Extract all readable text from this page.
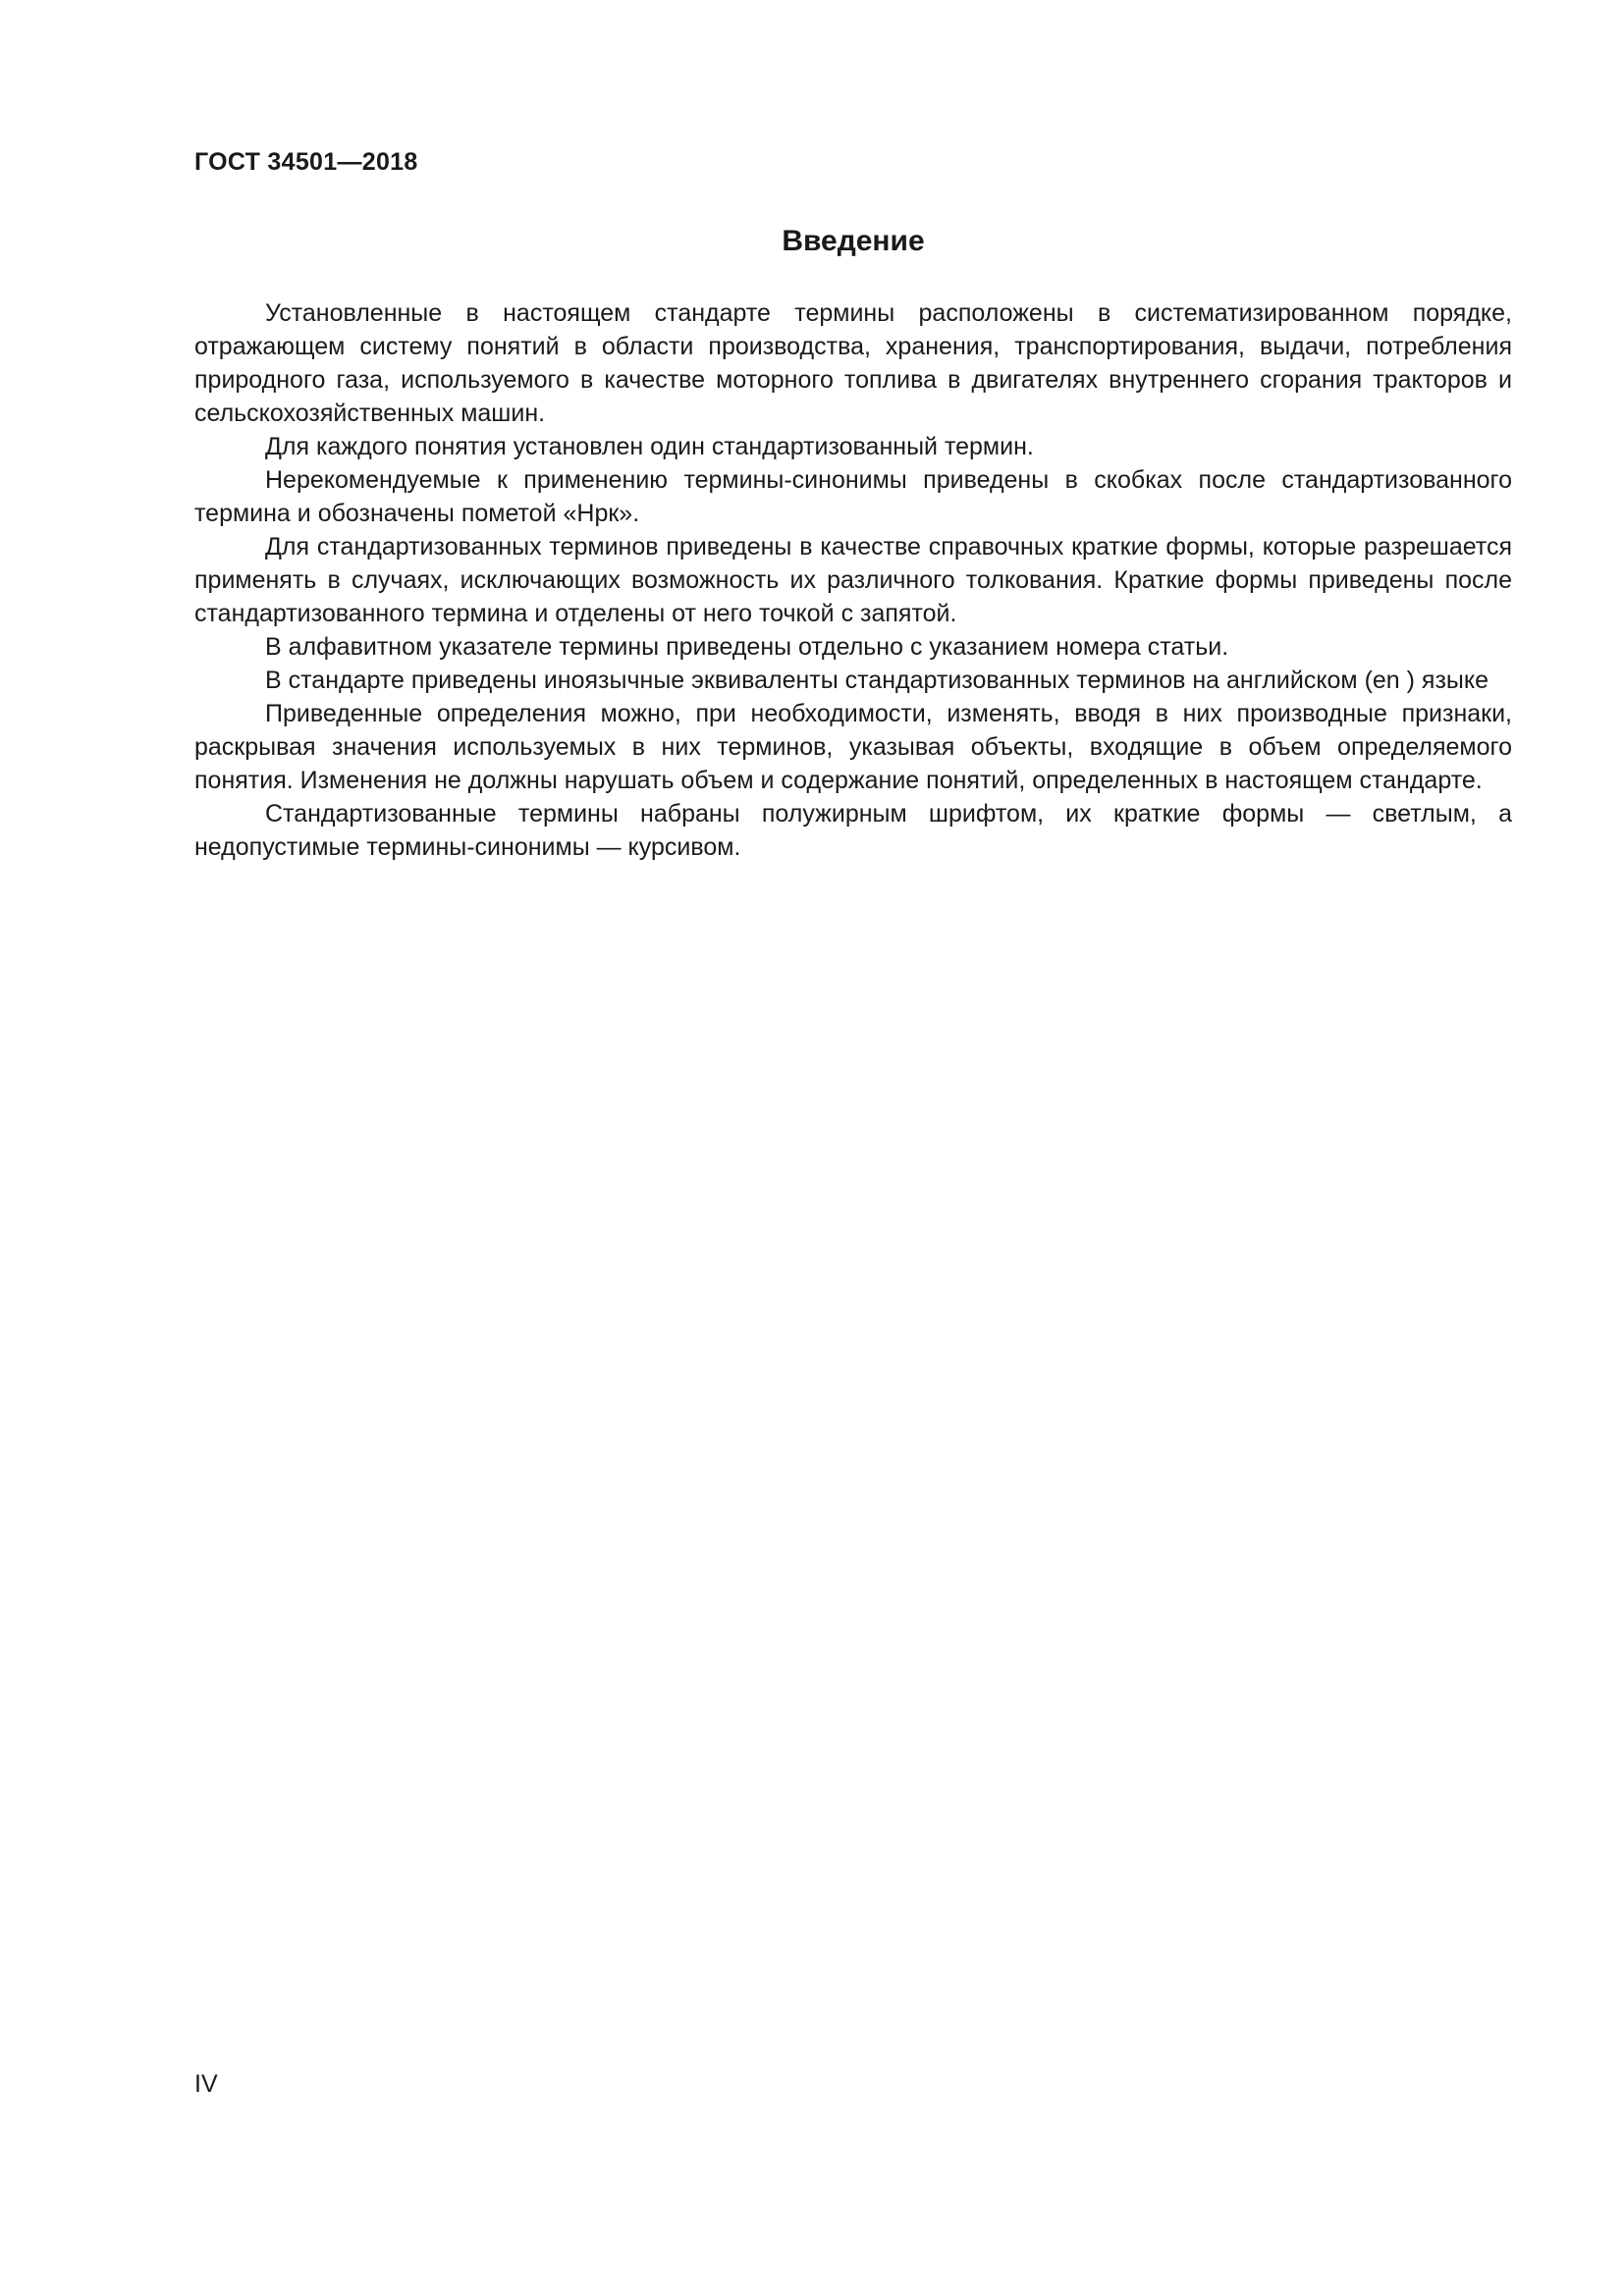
ГОСТ 34501—2018
Введение

Установленные в настоящем стандарте термины расположены в систематизированном порядке, отражающем систему понятий в области производства, хранения, транспортирования, выдачи, потребления природного газа, используемого в качестве моторного топлива в двигателях внутреннего сгорания тракторов и сельскохозяйственных машин.

Для каждого понятия установлен один стандартизованный термин.

Нерекомендуемые к применению термины-синонимы приведены в скобках после стандартизованного термина и обозначены пометой «Нрк».

Для стандартизованных терминов приведены в качестве справочных краткие формы, которые разрешается применять в случаях, исключающих возможность их различного толкования. Краткие формы приведены после стандартизованного термина и отделены от него точкой с запятой.

В алфавитном указателе термины приведены отдельно с указанием номера статьи.

В стандарте приведены иноязычные эквиваленты стандартизованных терминов на английском (en ) языке

Приведенные определения можно, при необходимости, изменять, вводя в них производные признаки, раскрывая значения используемых в них терминов, указывая объекты, входящие в объем определяемого понятия. Изменения не должны нарушать объем и содержание понятий, определенных в настоящем стандарте.

Стандартизованные термины набраны полужирным шрифтом, их краткие формы — светлым, а недопустимые термины-синонимы — курсивом.

IV
